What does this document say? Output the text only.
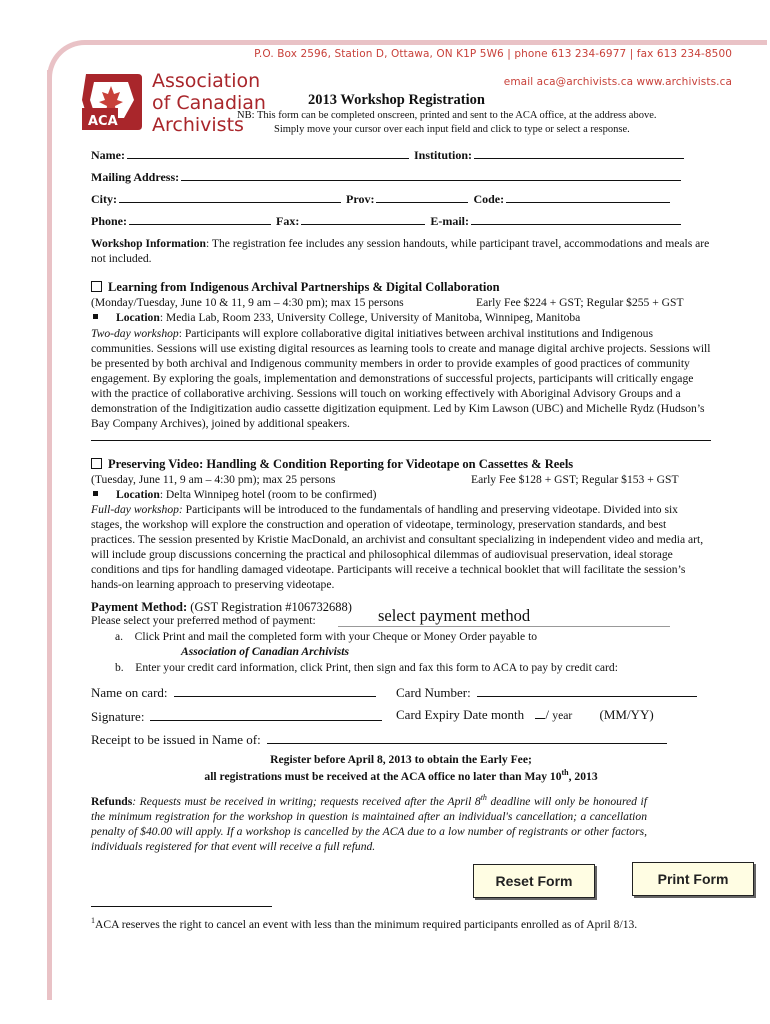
P.O. Box 2596, Station D, Ottawa, ON K1P 5W6 | phone 613 234-6977 | fax 613 234-8500
email aca@archivists.ca www.archivists.ca
ACA
Association
of Canadian
Archivists
2013 Workshop Registration
NB: This form can be completed onscreen, printed and sent to the ACA office, at the address above.
Simply move your cursor over each input field and click to type or select a response.
Name:	Institution:
Mailing Address:
City:	Prov:	Code:
Phone:	Fax:	E-mail:
Workshop Information: The registration fee includes any session handouts, while participant travel, accommodations and meals are not included.
Learning from Indigenous Archival Partnerships & Digital Collaboration
(Monday/Tuesday, June 10 & 11, 9 am – 4:30 pm); max 15 persons	Early Fee $224 + GST; Regular $255 + GST
Location: Media Lab, Room 233, University College, University of Manitoba, Winnipeg, Manitoba
Two-day workshop: Participants will explore collaborative digital initiatives between archival institutions and Indigenous communities. Sessions will use existing digital resources as learning tools to create and manage digital archive projects. Sessions will be presented by both archival and Indigenous community members in order to provide examples of good practices of community engagement. By exploring the goals, implementation and demonstrations of successful projects, participants will critically engage with the practice of collaborative archiving. Sessions will touch on working effectively with Aboriginal Advisory Groups and a demonstration of the Indigitization audio cassette digitization equipment. Led by Kim Lawson (UBC) and Michelle Rydz (Hudson’s Bay Company Archives), joined by additional speakers.
Preserving Video: Handling & Condition Reporting for Videotape on Cassettes & Reels
(Tuesday, June 11, 9 am – 4:30 pm); max 25 persons	Early Fee $128 + GST; Regular $153 + GST
Location: Delta Winnipeg hotel (room to be confirmed)
Full-day workshop: Participants will be introduced to the fundamentals of handling and preserving videotape. Divided into six stages, the workshop will explore the construction and operation of videotape, terminology, preservation standards, and best practices. The session presented by Kristie MacDonald, an archivist and consultant specializing in independent video and media art, will include group discussions concerning the practical and philosophical dilemmas of audiovisual preservation, ideal storage conditions and tips for handling damaged videotape. Participants will receive a technical booklet that will facilitate the session’s hands-on learning approach to preserving videotape.
Payment Method: (GST Registration #106732688)
Please select your preferred method of payment:	select payment method
a. Click Print and mail the completed form with your Cheque or Money Order payable to
Association of Canadian Archivists
b. Enter your credit card information, click Print, then sign and fax this form to ACA to pay by credit card:
Name on card:	Card Number:
Signature:	Card Expiry Date month / year (MM/YY)
Receipt to be issued in Name of:
Register before April 8, 2013 to obtain the Early Fee;
all registrations must be received at the ACA office no later than May 10th, 2013
Refunds: Requests must be received in writing; requests received after the April 8th deadline will only be honoured if the minimum registration for the workshop in question is maintained after an individual's cancellation; a cancellation penalty of $40.00 will apply. If a workshop is cancelled by the ACA due to a low number of registrants or other factors, individuals registered for that event will receive a full refund.
Reset Form	Print Form
$^1$ACA reserves the right to cancel an event with less than the minimum required participants enrolled as of April 8/13.
